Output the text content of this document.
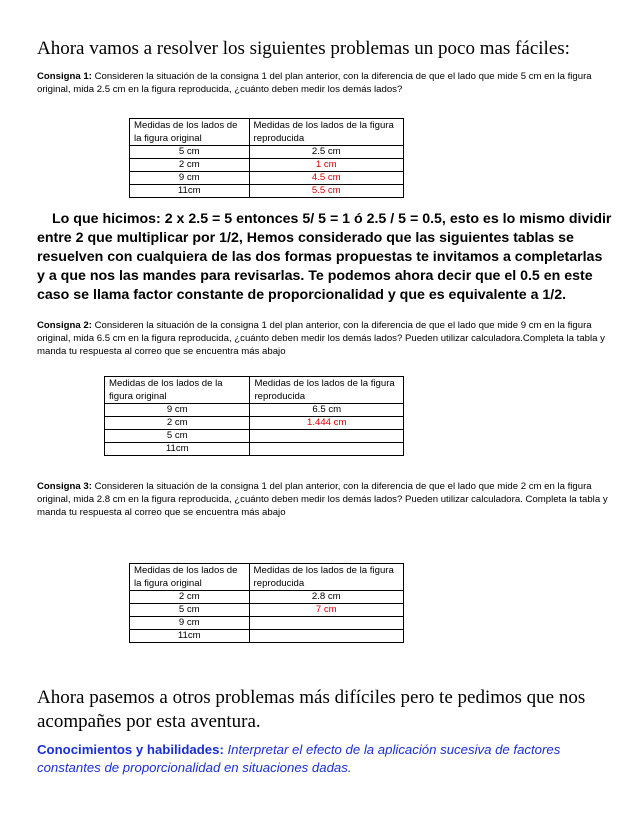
Ahora vamos a resolver los siguientes problemas un poco mas fáciles:
Consigna 1: Consideren la situación de la consigna 1 del plan anterior, con la diferencia de que el lado que mide 5 cm en la figura original, mida 2.5 cm en la figura reproducida, ¿cuánto deben medir los demás lados?
Medidas de los lados de la figura original	Medidas de los lados de la figura reproducida
5 cm	2.5 cm
2 cm	1 cm
9 cm	4.5 cm
11cm	5.5 cm
Lo que hicimos: 2 x 2.5 = 5 entonces 5/ 5 = 1 ó 2.5 / 5 = 0.5, esto es lo mismo dividir entre 2 que multiplicar por 1/2, Hemos considerado que las siguientes tablas se resuelven con cualquiera de las dos formas propuestas te invitamos a completarlas y a que nos las mandes para revisarlas. Te podemos ahora decir que el 0.5 en este caso se llama factor constante de proporcionalidad y que es equivalente a 1/2.
Consigna 2: Consideren la situación de la consigna 1 del plan anterior, con la diferencia de que el lado que mide 9 cm en la figura original, mida 6.5 cm en la figura reproducida, ¿cuánto deben medir los demás lados? Pueden utilizar calculadora.Completa la tabla y manda tu respuesta al correo que se encuentra más abajo
Medidas de los lados de la figura original	Medidas de los lados de la figura reproducida
9 cm	6.5 cm
2 cm	1.444 cm
5 cm	
11cm	
Consigna 3: Consideren la situación de la consigna 1 del plan anterior, con la diferencia de que el lado que mide 2 cm en la figura original, mida 2.8 cm en la figura reproducida, ¿cuánto deben medir los demás lados? Pueden utilizar calculadora. Completa la tabla y manda tu respuesta al correo que se encuentra más abajo
Medidas de los lados de la figura original	Medidas de los lados de la figura reproducida
2 cm	2.8 cm
5 cm	7 cm
9 cm	
11cm	
Ahora pasemos a otros problemas más difíciles pero te pedimos que nos acompañes por esta aventura.
Conocimientos y habilidades: Interpretar el efecto de la aplicación sucesiva de factores constantes de proporcionalidad en situaciones dadas.
